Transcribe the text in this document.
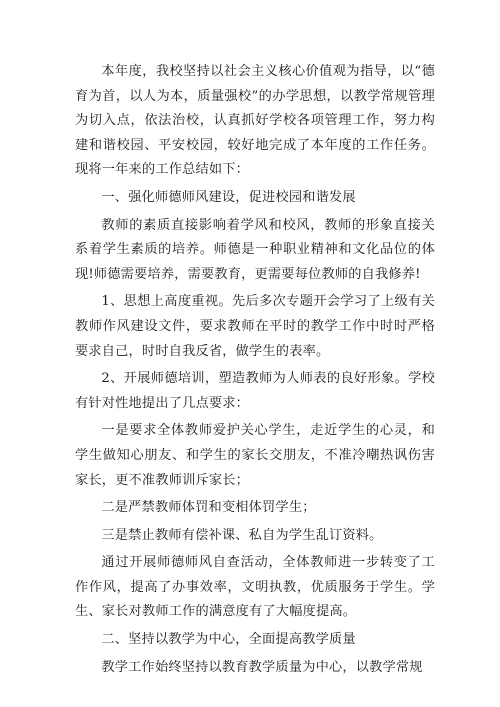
本年度，我校坚持以社会主义核心价值观为指导，以“德育为首，以人为本，质量强校”的办学思想，以教学常规管理为切入点，依法治校，认真抓好学校各项管理工作，努力构建和谐校园、平安校园，较好地完成了本年度的工作任务。现将一年来的工作总结如下：

一、强化师德师风建设，促进校园和谐发展

教师的素质直接影响着学风和校风，教师的形象直接关系着学生素质的培养。师德是一种职业精神和文化品位的体现!师德需要培养，需要教育，更需要每位教师的自我修养!

1、思想上高度重视。先后多次专题开会学习了上级有关教师作风建设文件，要求教师在平时的教学工作中时时严格要求自己，时时自我反省，做学生的表率。

2、开展师德培训，塑造教师为人师表的良好形象。学校有针对性地提出了几点要求：

一是要求全体教师爱护关心学生，走近学生的心灵，和学生做知心朋友、和学生的家长交朋友，不准冷嘲热讽伤害家长，更不准教师训斥家长；

二是严禁教师体罚和变相体罚学生；

三是禁止教师有偿补课、私自为学生乱订资料。

通过开展师德师风自查活动，全体教师进一步转变了工作作风，提高了办事效率，文明执教，优质服务于学生。学生、家长对教师工作的满意度有了大幅度提高。

二、坚持以教学为中心，全面提高教学质量

教学工作始终坚持以教育教学质量为中心，以教学常规
